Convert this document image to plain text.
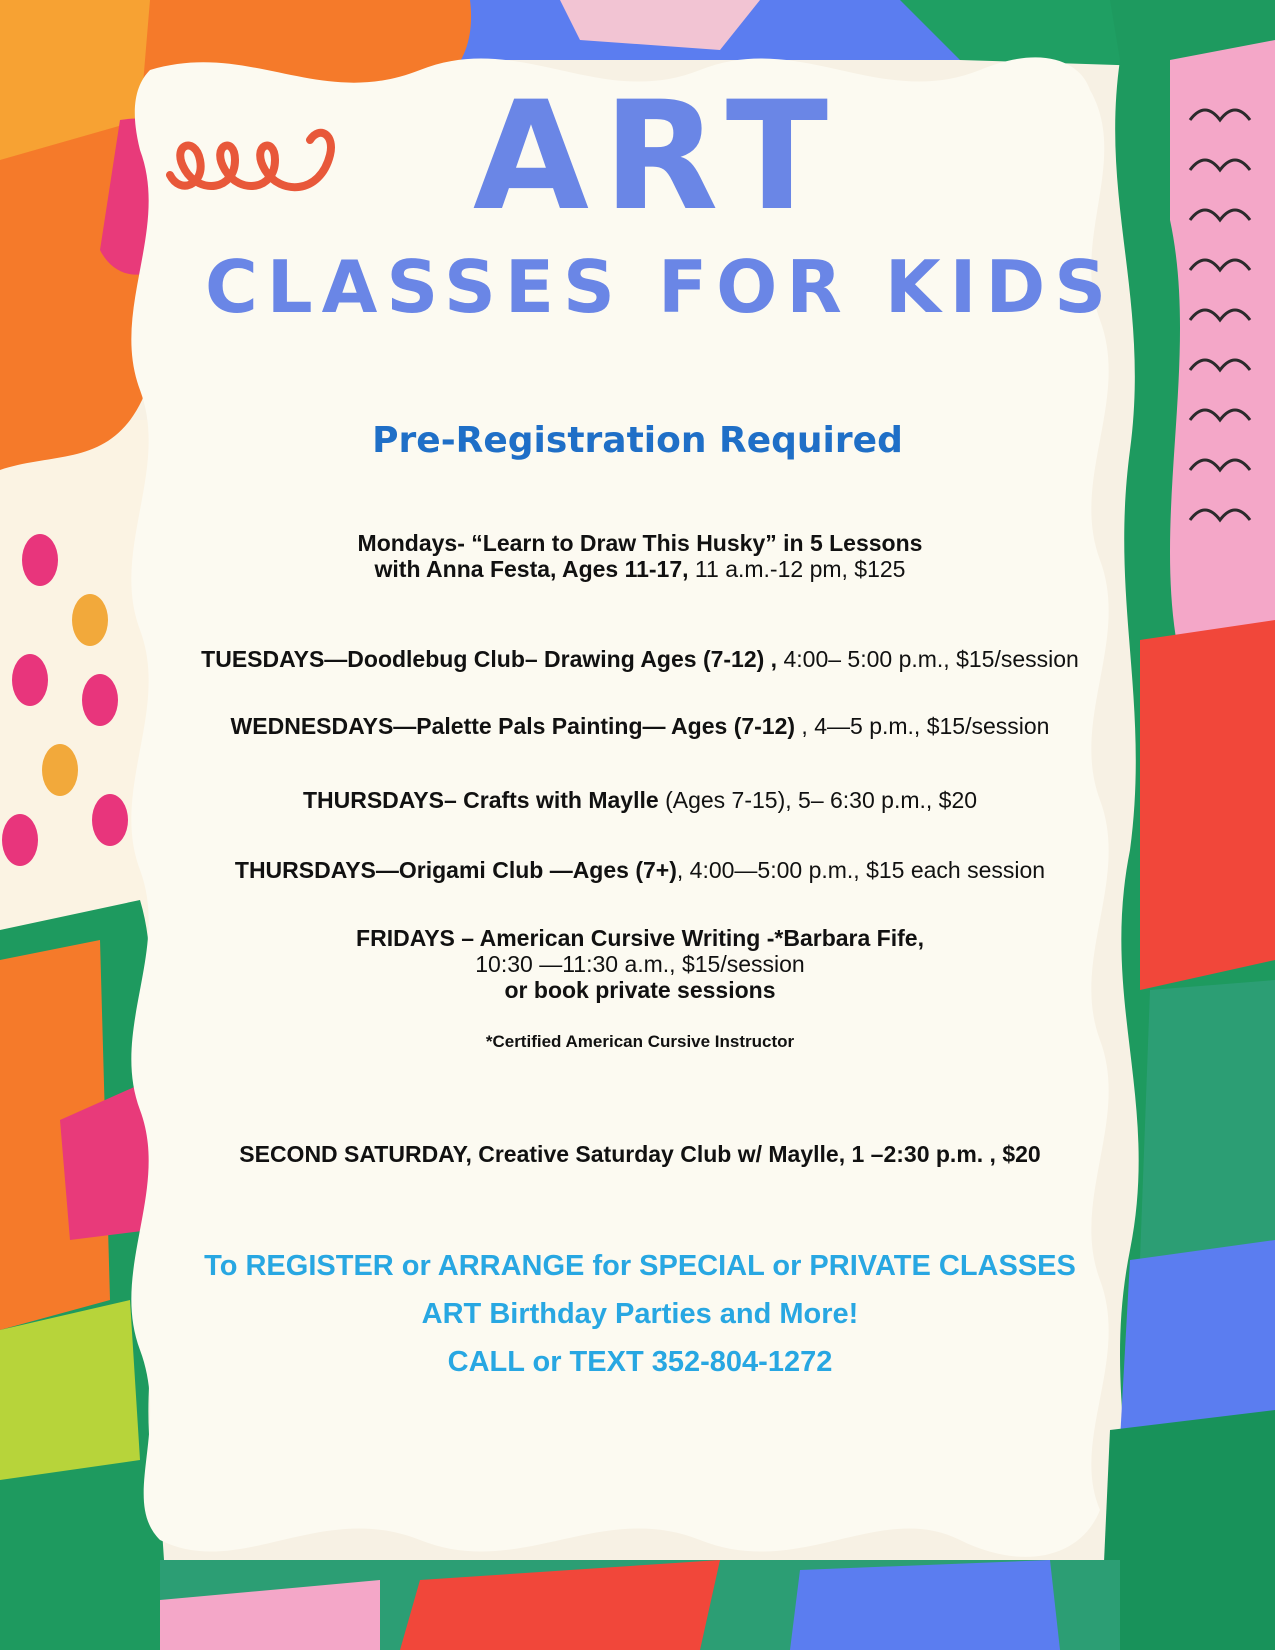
ART
CLASSES FOR KIDS
Pre-Registration Required
Mondays- “Learn to Draw This Husky” in 5 Lessons
with Anna Festa, Ages 11-17, 11 a.m.-12 pm, $125
TUESDAYS—Doodlebug Club– Drawing Ages (7-12) , 4:00– 5:00 p.m., $15/session
WEDNESDAYS—Palette Pals Painting— Ages (7-12) , 4—5 p.m., $15/session
THURSDAYS– Crafts with Maylle (Ages 7-15), 5– 6:30 p.m., $20
THURSDAYS—Origami Club —Ages (7+), 4:00—5:00 p.m., $15 each session
FRIDAYS – American Cursive Writing -*Barbara Fife,
10:30 —11:30 a.m., $15/session
or book private sessions
*Certified American Cursive Instructor
SECOND SATURDAY, Creative Saturday Club w/ Maylle, 1 –2:30 p.m. , $20
To REGISTER or ARRANGE for SPECIAL or PRIVATE CLASSES
ART Birthday Parties and More!
CALL or TEXT 352-804-1272
